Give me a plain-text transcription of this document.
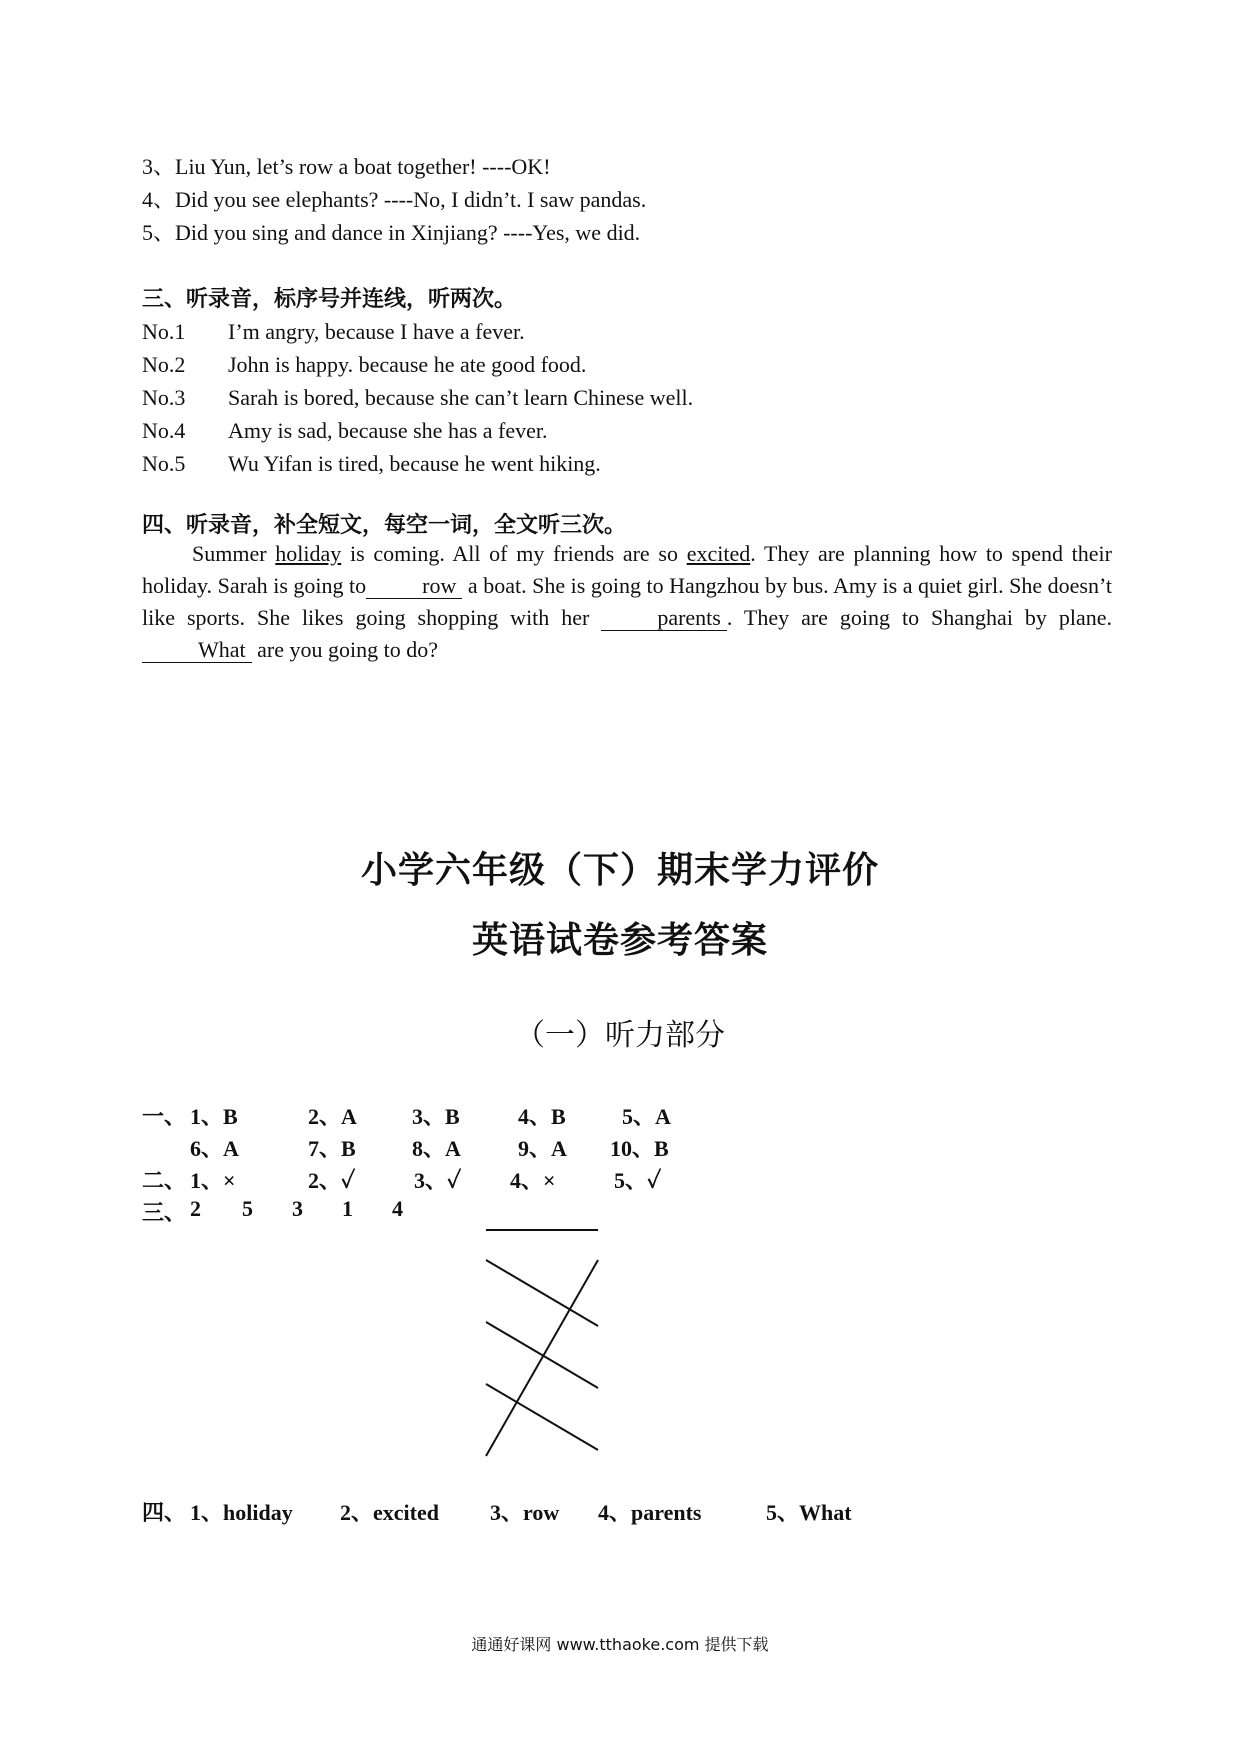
3、Liu Yun, let’s row a boat together! ----OK!
4、Did you see elephants? ----No, I didn’t. I saw pandas.
5、Did you sing and dance in Xinjiang? ----Yes, we did.
三、听录音，标序号并连线，听两次。
No.1 I’m angry, because I have a fever.
No.2 John is happy. because he ate good food.
No.3 Sarah is bored, because she can’t learn Chinese well.
No.4 Amy is sad, because she has a fever.
No.5 Wu Yifan is tired, because he went hiking.
四、听录音，补全短文，每空一词，全文听三次。
Summer holiday is coming. All of my friends are so excited. They are planning how to spend their holiday. Sarah is going to	row a boat. She is going to Hangzhou by bus. Amy is a quiet girl. She doesn’t like sports. She likes going shopping with her	parents . They are going to Shanghai by plane. What are you going to do?
小学六年级（下）期末学力评价
英语试卷参考答案
（一）听力部分
一、 1、B	2、A	3、B	4、B	5、A
6、A	7、B	8、A	9、A 10、B
二、 1、×	2、✓	3、✓ 4、×	5、✓
三、 2 5 3 1 4
四、 1、holiday 2、excited 3、row 4、parents	5、What
通通好课网 www.tthaoke.com 提供下载
